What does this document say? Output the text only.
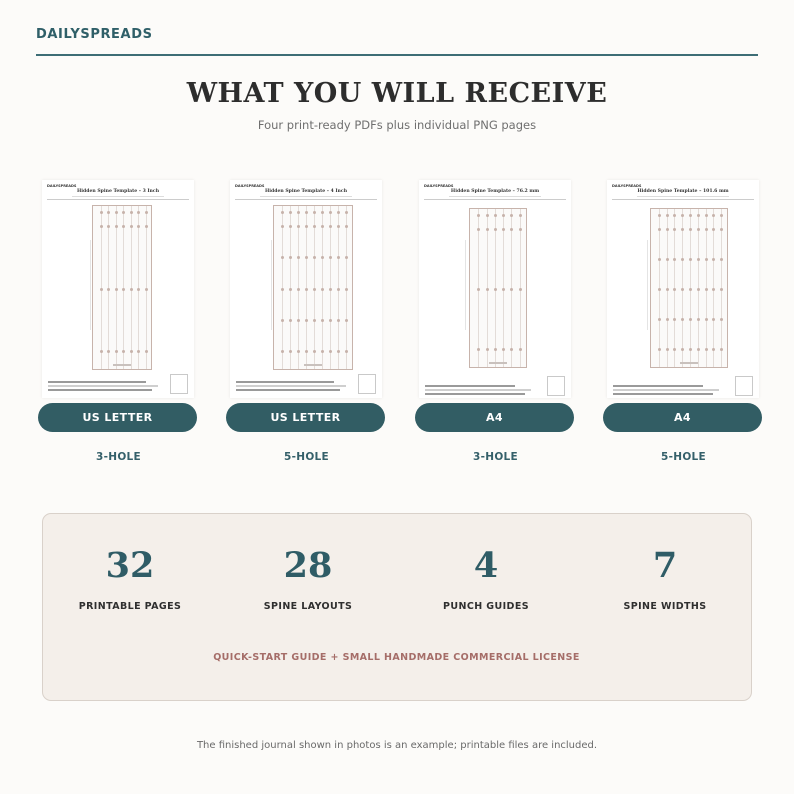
DAILYSPREADS
WHAT YOU WILL RECEIVE
Four print-ready PDFs plus individual PNG pages
DAILYSPREADS
Hidden Spine Template – 3 Inch
US LETTER
3-HOLE
DAILYSPREADS
Hidden Spine Template – 4 Inch
US LETTER
5-HOLE
DAILYSPREADS
Hidden Spine Template – 76.2 mm
A4
3-HOLE
DAILYSPREADS
Hidden Spine Template – 101.6 mm
A4
5-HOLE
32
PRINTABLE PAGES
28
SPINE LAYOUTS
4
PUNCH GUIDES
7
SPINE WIDTHS
QUICK-START GUIDE + SMALL HANDMADE COMMERCIAL LICENSE
The finished journal shown in photos is an example; printable files are included.
